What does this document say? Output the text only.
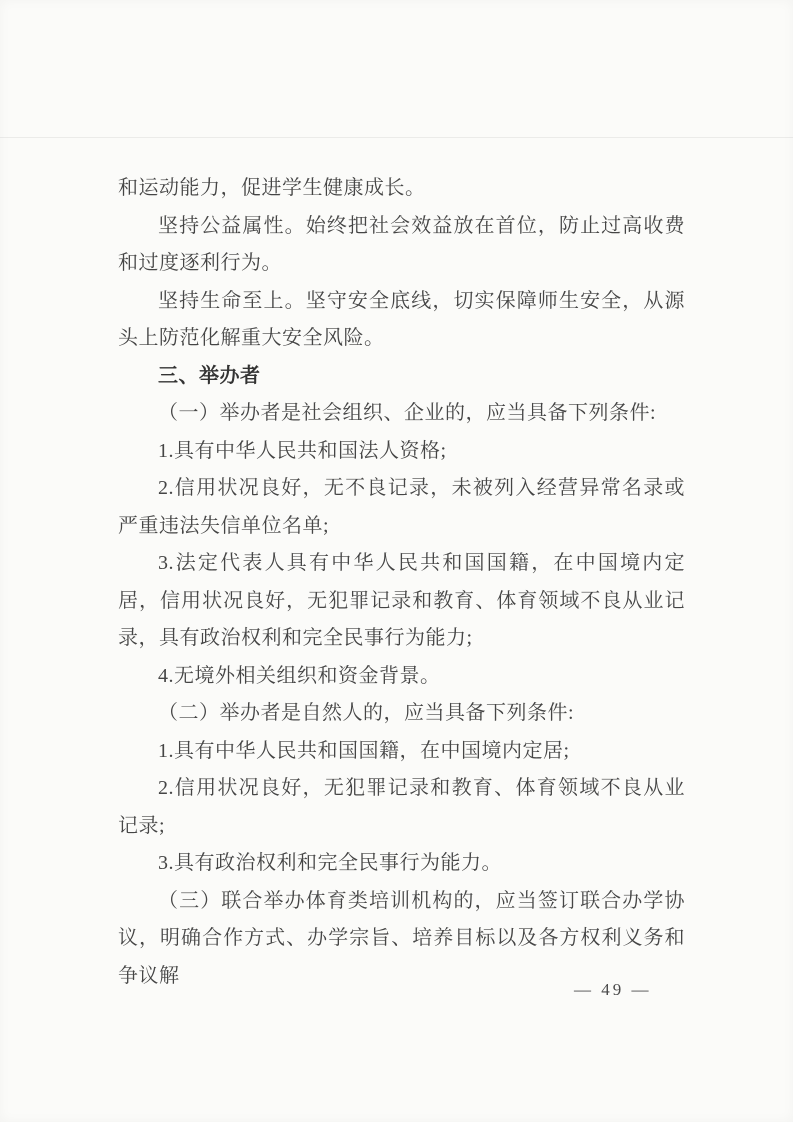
和运动能力，促进学生健康成长。

坚持公益属性。始终把社会效益放在首位，防止过高收费和过度逐利行为。

坚持生命至上。坚守安全底线，切实保障师生安全，从源头上防范化解重大安全风险。

三、举办者

（一）举办者是社会组织、企业的，应当具备下列条件:

1.具有中华人民共和国法人资格;

2.信用状况良好，无不良记录，未被列入经营异常名录或严重违法失信单位名单;

3.法定代表人具有中华人民共和国国籍，在中国境内定居，信用状况良好，无犯罪记录和教育、体育领域不良从业记录，具有政治权利和完全民事行为能力;

4.无境外相关组织和资金背景。

（二）举办者是自然人的，应当具备下列条件:

1.具有中华人民共和国国籍，在中国境内定居;

2.信用状况良好，无犯罪记录和教育、体育领域不良从业记录;

3.具有政治权利和完全民事行为能力。

（三）联合举办体育类培训机构的，应当签订联合办学协议，明确合作方式、办学宗旨、培养目标以及各方权利义务和争议解

— 49 —
